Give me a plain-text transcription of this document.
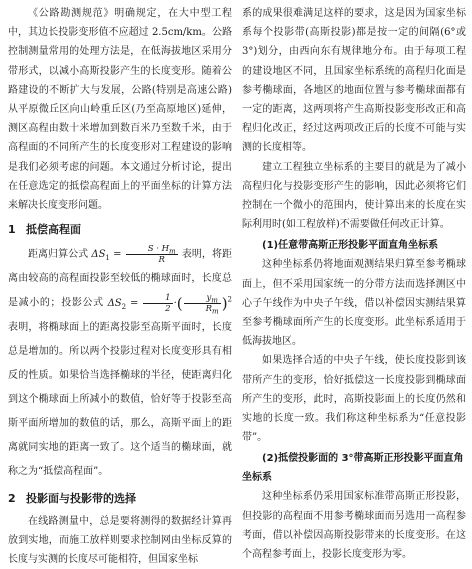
《公路勘测规范》明确规定，在大中型工程中，其边长投影变形值不应超过 2.5cm/km。公路控制测量常用的处理方法是，在低海拔地区采用分带形式，以减小高斯投影产生的长度变形。随着公路建设的不断扩大与发展，公路(特别是高速公路)从平原微丘区向山岭重丘区(乃至高原地区)延伸，测区高程由数十米增加到数百米乃至数千米，由于高程面的不同所产生的长度变形对工程建设的影响是我们必须考虑的问题。本文通过分析讨论，提出在任意选定的抵偿高程面上的平面坐标的计算方法来解决长度变形问题。

1 抵偿高程面

距离归算公式 $\Delta S_1 = \frac{S \cdot H_m}{R}$ 表明，将距离由较高的高程面投影至较低的椭球面时，长度总是减小的；投影公式 $\Delta S_2 = \frac{1}{2}$ ·( $\frac{y_m}{R_m} )^2$ 表明，将椭球面上的距离投影至高斯平面时，长度总是增加的。所以两个投影过程对长度变形具有相反的性质。如果恰当选择椭球的半径，使距离归化到这个椭球面上所减小的数值，恰好等于投影至高斯平面所增加的数值的话，那么，高斯平面上的距离就同实地的距离一致了。这个适当的椭球面，就称之为“抵偿高程面”。

2 投影面与投影带的选择

在线路测量中，总是要将测得的数据经计算再放到实地，而施工放样则要求控制网由坐标反算的长度与实测的长度尽可能相符，但国家坐标

系的成果很难满足这样的要求，这是因为国家坐标系每个投影带(高斯投影)都是按一定的间隔(6°或3°)划分，由西向东有规律地分布。由于每项工程的建设地区不同，且国家坐标系统的高程归化面是参考椭球面，各地区的地面位置与参考椭球面都有一定的距离，这两项将产生高斯投影变形改正和高程归化改正，经过这两项改正后的长度不可能与实测的长度相等。

建立工程独立坐标系的主要目的就是为了减小高程归化与投影变形产生的影响，因此必须将它们控制在一个微小的范围内，使计算出来的长度在实际利用时(如工程放样)不需要做任何改正计算。

(1)任意带高斯正形投影平面直角坐标系

这种坐标系仍将地面观测结果归算至参考椭球面上，但不采用国家统一的分带方法而选择测区中心子午线作为中央子午线，借以补偿因实测结果算至参考椭球面所产生的长度变形。此坐标系适用于低海拔地区。

如果选择合适的中央子午线，使长度投影到该带所产生的变形，恰好抵偿这一长度投影到椭球面所产生的变形，此时，高斯投影面上的长度仍然和实地的长度一致。我们称这种坐标系为“任意投影带”。

(2)抵偿投影面的 3°带高斯正形投影平面直角坐标系

这种坐标系仍采用国家标准带高斯正形投影，但投影的高程面不用参考椭球面而另选用一高程参考面，借以补偿因高斯投影带来的长度变形。在这个高程参考面上，投影长度变形为零。
